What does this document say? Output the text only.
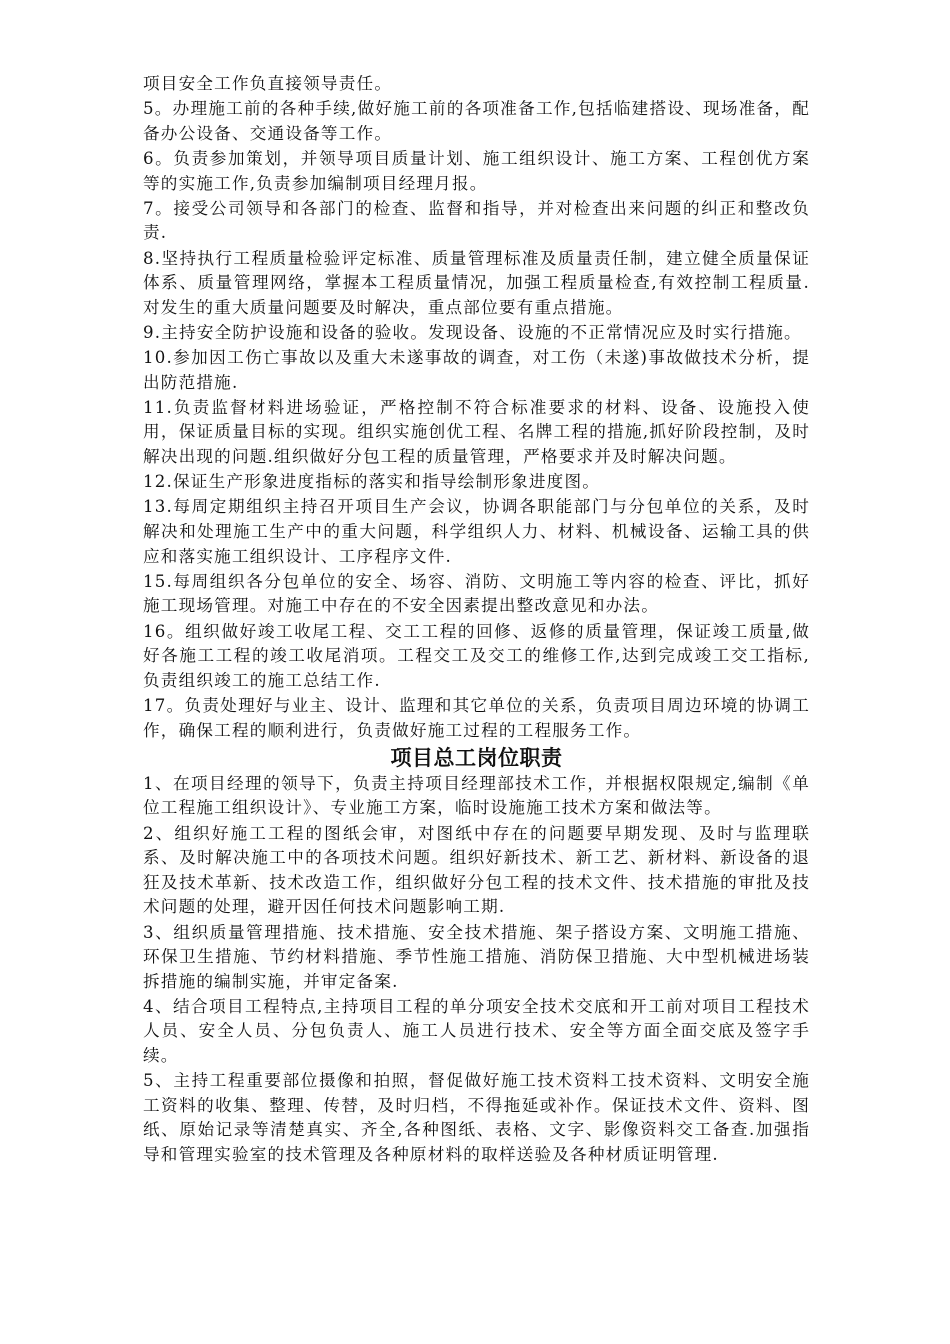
项目安全工作负直接领导责任。

5。办理施工前的各种手续,做好施工前的各项准备工作,包括临建搭设、现场准备，配备办公设备、交通设备等工作。

6。负责参加策划，并领导项目质量计划、施工组织设计、施工方案、工程创优方案等的实施工作,负责参加编制项目经理月报。

7。接受公司领导和各部门的检查、监督和指导，并对检查出来问题的纠正和整改负责.

8.坚持执行工程质量检验评定标准、质量管理标准及质量责任制，建立健全质量保证体系、质量管理网络，掌握本工程质量情况，加强工程质量检查,有效控制工程质量.对发生的重大质量问题要及时解决，重点部位要有重点措施。

9.主持安全防护设施和设备的验收。发现设备、设施的不正常情况应及时实行措施。

10.参加因工伤亡事故以及重大未遂事故的调查，对工伤（未遂)事故做技术分析，提出防范措施.

11.负责监督材料进场验证，严格控制不符合标准要求的材料、设备、设施投入使用，保证质量目标的实现。组织实施创优工程、名牌工程的措施,抓好阶段控制，及时解决出现的问题.组织做好分包工程的质量管理，严格要求并及时解决问题。

12.保证生产形象进度指标的落实和指导绘制形象进度图。

13.每周定期组织主持召开项目生产会议，协调各职能部门与分包单位的关系，及时解决和处理施工生产中的重大问题，科学组织人力、材料、机械设备、运输工具的供应和落实施工组织设计、工序程序文件.

15.每周组织各分包单位的安全、场容、消防、文明施工等内容的检查、评比，抓好施工现场管理。对施工中存在的不安全因素提出整改意见和办法。

16。组织做好竣工收尾工程、交工工程的回修、返修的质量管理，保证竣工质量,做好各施工工程的竣工收尾消项。工程交工及交工的维修工作,达到完成竣工交工指标,负责组织竣工的施工总结工作.

17。负责处理好与业主、设计、监理和其它单位的关系，负责项目周边环境的协调工作，确保工程的顺利进行，负责做好施工过程的工程服务工作。

项目总工岗位职责

1、在项目经理的领导下，负责主持项目经理部技术工作，并根据权限规定,编制《单位工程施工组织设计》、专业施工方案，临时设施施工技术方案和做法等。

2、组织好施工工程的图纸会审，对图纸中存在的问题要早期发现、及时与监理联系、及时解决施工中的各项技术问题。组织好新技术、新工艺、新材料、新设备的退狂及技术革新、技术改造工作，组织做好分包工程的技术文件、技术措施的审批及技术问题的处理，避开因任何技术问题影响工期.

3、组织质量管理措施、技术措施、安全技术措施、架子搭设方案、文明施工措施、环保卫生措施、节约材料措施、季节性施工措施、消防保卫措施、大中型机械进场装拆措施的编制实施，并审定备案.

4、结合项目工程特点,主持项目工程的单分项安全技术交底和开工前对项目工程技术人员、安全人员、分包负责人、施工人员进行技术、安全等方面全面交底及签字手续。

5、主持工程重要部位摄像和拍照，督促做好施工技术资料工技术资料、文明安全施工资料的收集、整理、传替，及时归档，不得拖延或补作。保证技术文件、资料、图纸、原始记录等清楚真实、齐全,各种图纸、表格、文字、影像资料交工备查.加强指导和管理实验室的技术管理及各种原材料的取样送验及各种材质证明管理.
